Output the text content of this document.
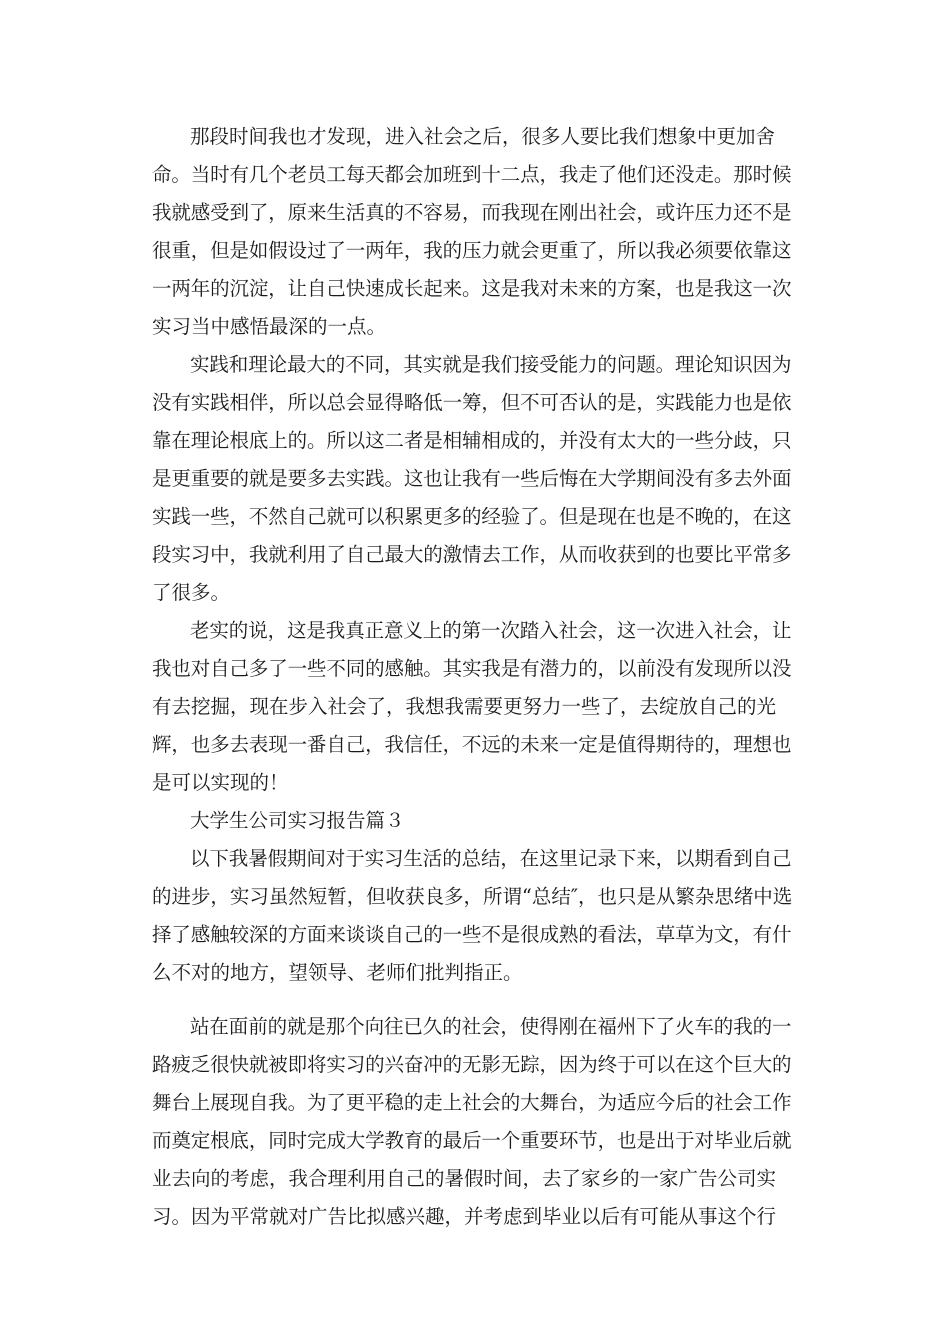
那段时间我也才发现，进入社会之后，很多人要比我们想象中更加舍
命。当时有几个老员工每天都会加班到十二点，我走了他们还没走。那时候
我就感受到了，原来生活真的不容易，而我现在刚出社会，或许压力还不是
很重，但是如假设过了一两年，我的压力就会更重了，所以我必须要依靠这
一两年的沉淀，让自己快速成长起来。这是我对未来的方案，也是我这一次
实习当中感悟最深的一点。
实践和理论最大的不同，其实就是我们接受能力的问题。理论知识因为
没有实践相伴，所以总会显得略低一筹，但不可否认的是，实践能力也是依
靠在理论根底上的。所以这二者是相辅相成的，并没有太大的一些分歧，只
是更重要的就是要多去实践。这也让我有一些后悔在大学期间没有多去外面
实践一些，不然自己就可以积累更多的经验了。但是现在也是不晚的，在这
段实习中，我就利用了自己最大的激情去工作，从而收获到的也要比平常多
了很多。
老实的说，这是我真正意义上的第一次踏入社会，这一次进入社会，让
我也对自己多了一些不同的感触。其实我是有潜力的，以前没有发现所以没
有去挖掘，现在步入社会了，我想我需要更努力一些了，去绽放自己的光
辉，也多去表现一番自己，我信任，不远的未来一定是值得期待的，理想也
是可以实现的！
大学生公司实习报告篇３
以下我暑假期间对于实习生活的总结，在这里记录下来，以期看到自己
的进步，实习虽然短暂，但收获良多，所谓“总结″，也只是从繁杂思绪中选
择了感触较深的方面来谈谈自己的一些不是很成熟的看法，草草为文，有什
么不对的地方，望领导、老师们批判指正。
站在面前的就是那个向往已久的社会，使得刚在福州下了火车的我的一
路疲乏很快就被即将实习的兴奋冲的无影无踪，因为终于可以在这个巨大的
舞台上展现自我。为了更平稳的走上社会的大舞台，为适应今后的社会工作
而奠定根底，同时完成大学教育的最后一个重要环节，也是出于对毕业后就
业去向的考虑，我合理利用自己的暑假时间，去了家乡的一家广告公司实
习。因为平常就对广告比拟感兴趣，并考虑到毕业以后有可能从事这个行
